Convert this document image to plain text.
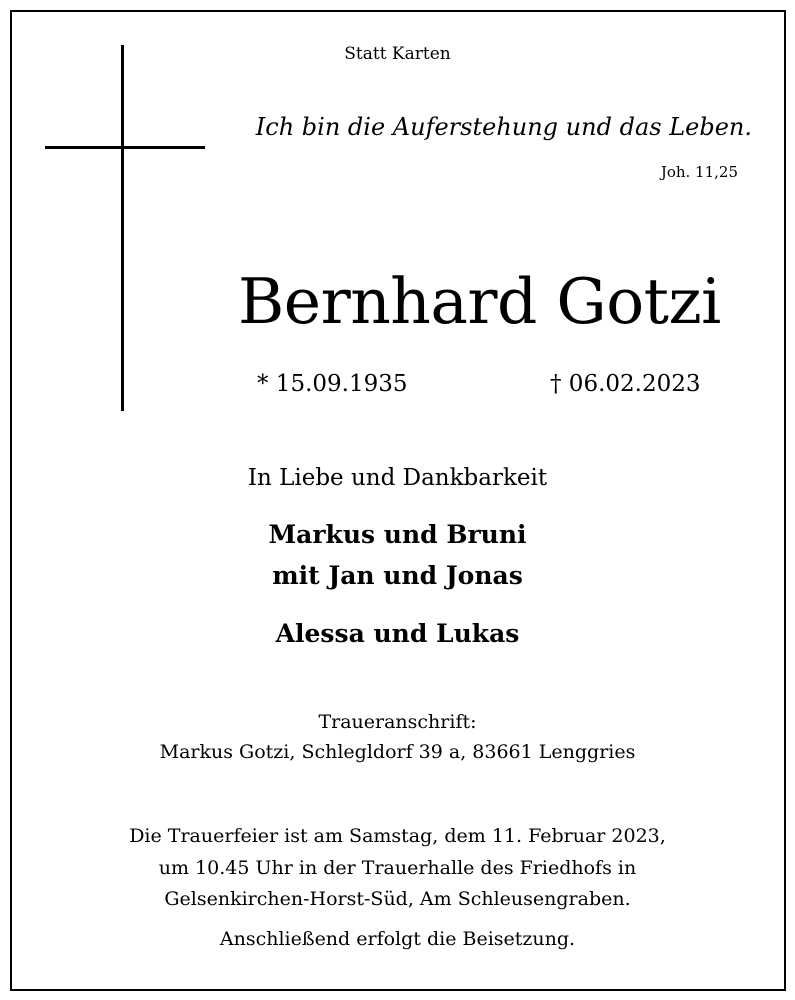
Statt Karten
Ich bin die Auferstehung und das Leben.
Joh. 11,25
Bernhard Gotzi
* 15.09.1935	† 06.02.2023
In Liebe und Dankbarkeit
Markus und Bruni
mit Jan und Jonas
Alessa und Lukas
Traueranschrift:
Markus Gotzi, Schlegldorf 39 a, 83661 Lenggries
Die Trauerfeier ist am Samstag, dem 11. Februar 2023,
um 10.45 Uhr in der Trauerhalle des Friedhofs in
Gelsenkirchen-Horst-Süd, Am Schleusengraben.
Anschließend erfolgt die Beisetzung.
